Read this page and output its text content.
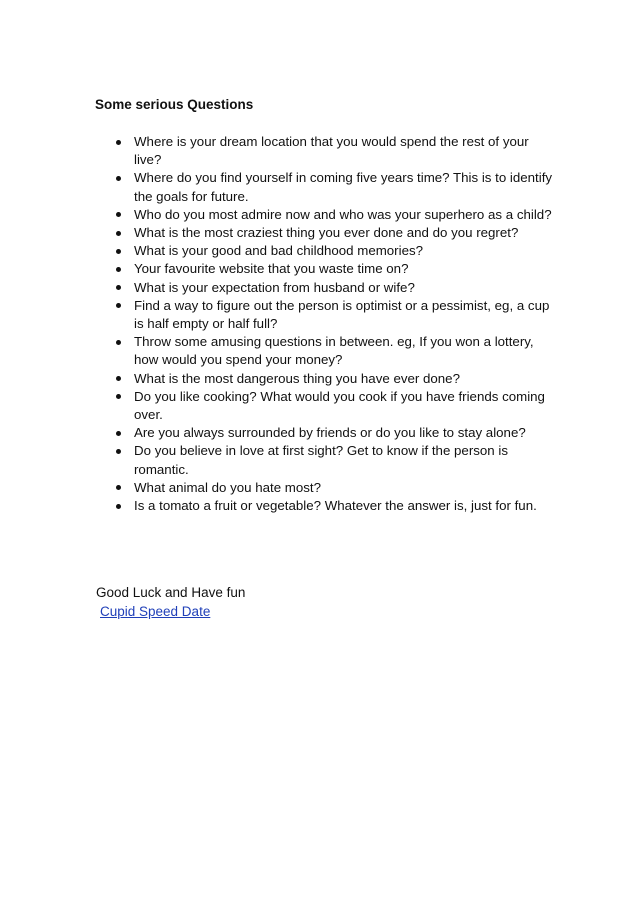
Some serious Questions
Where is your dream location that you would spend the rest of your live?
Where do you find yourself in coming five years time? This is to identify the goals for future.
Who do you most admire now and who was your superhero as a child?
What is the most craziest thing you ever done and do you regret?
What is your good and bad childhood memories?
Your favourite website that you waste time on?
What is your expectation from husband or wife?
Find a way to figure out the person is optimist or a pessimist, eg, a cup is half empty or half full?
Throw some amusing questions in between. eg, If you won a lottery, how would you spend your money?
What is the most dangerous thing you have ever done?
Do you like cooking? What would you cook if you have friends coming over.
Are you always surrounded by friends or do you like to stay alone?
Do you believe in love at first sight? Get to know if the person is romantic.
What animal do you hate most?
Is a tomato a fruit or vegetable? Whatever the answer is, just for fun.
Good Luck and Have fun
Cupid Speed Date
